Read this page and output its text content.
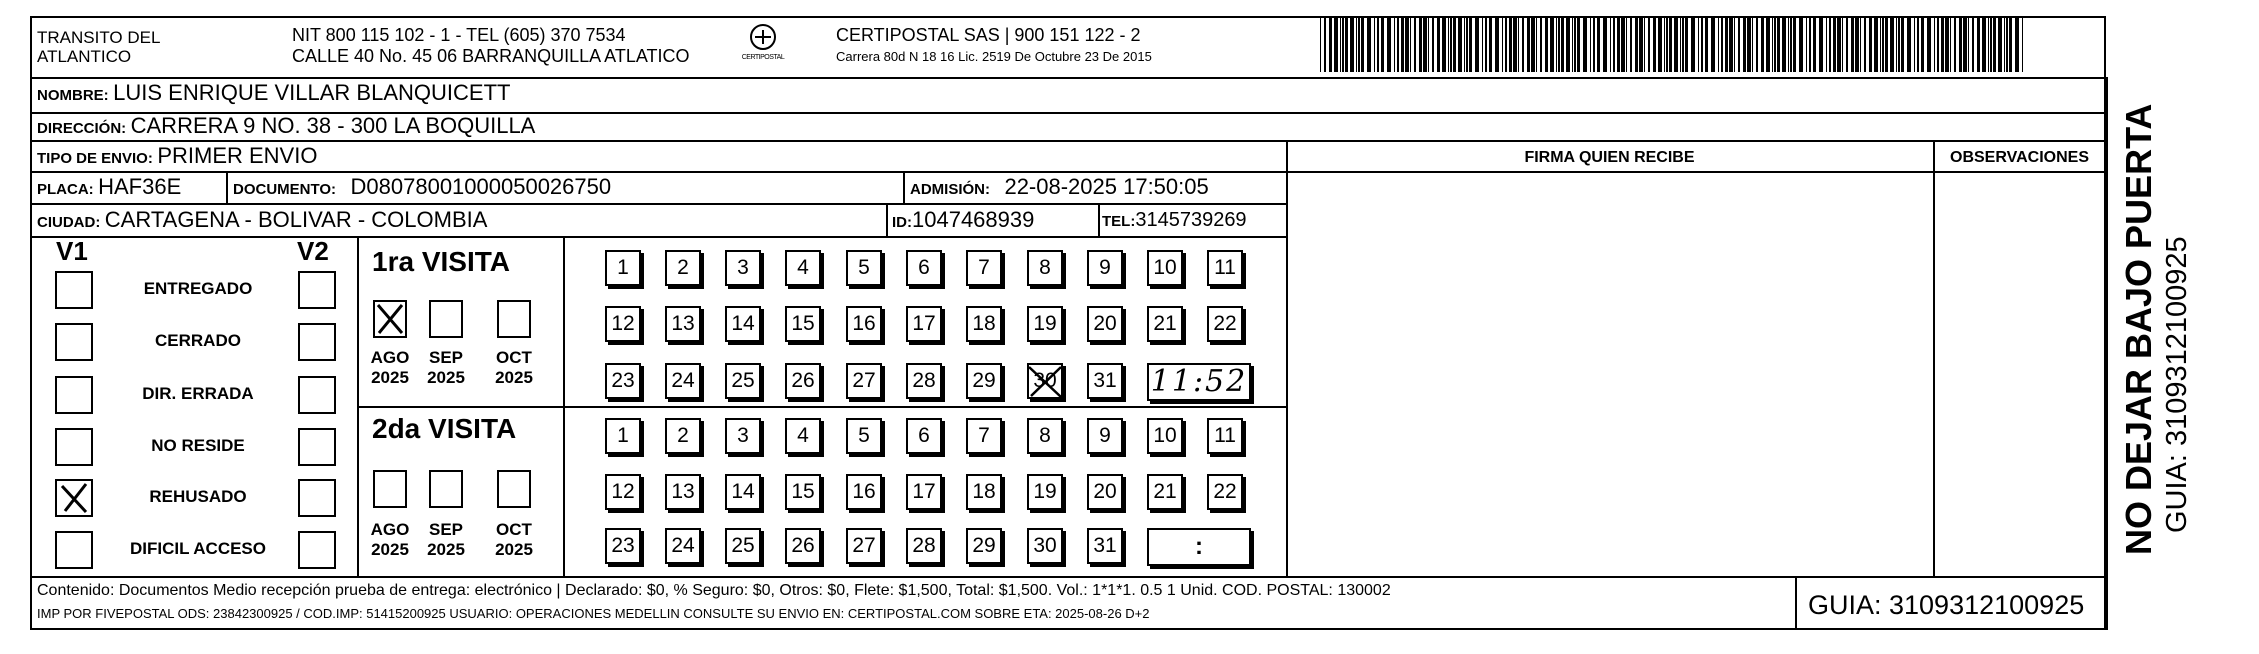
TRANSITO DEL
ATLANTICO
NIT 800 115 102 - 1 - TEL (605) 370 7534
CALLE 40 No. 45 06 BARRANQUILLA ATLATICO	CERTIPOSTAL
CERTIPOSTAL SAS | 900 151 122 - 2
Carrera 80d N 18 16 Lic. 2519 De Octubre 23 De 2015
NOMBRE: LUIS ENRIQUE VILLAR BLANQUICETT
DIRECCIÓN: CARRERA 9 NO. 38 - 300 LA BOQUILLA
TIPO DE ENVIO: PRIMER ENVIO
PLACA: HAF36E	DOCUMENTO: D08078001000050026750	ADMISIÓN: 22-08-2025 17:50:05
CIUDAD: CARTAGENA - BOLIVAR - COLOMBIA	ID:1047468939	TEL:3145739269
FIRMA QUIEN RECIBE	OBSERVACIONES
V1	V2
ENTREGADO
CERRADO
DIR. ERRADA
NO RESIDE
REHUSADO
DIFICIL ACCESO
1ra VISITA
2da VISITA
AGO
2025
SEP
2025
OCT
2025
1	2	3	4	5	6	7	8	9	10	11
12	13	14	15	16	17	18	19	20	21	22
23	24	25	26	27	28	29	30	31 11:52
AGO
2025
SEP
2025
OCT
2025
1	2	3	4	5	6	7	8	9	10	11
12	13	14	15	16	17	18	19	20	21	22
23	24	25	26	27	28	29	30	31	:
Contenido: Documentos Medio recepción prueba de entrega: electrónico | Declarado: $0, % Seguro: $0, Otros: $0, Flete: $1,500, Total: $1,500. Vol.: 1*1*1. 0.5 1 Unid. COD. POSTAL: 130002
IMP POR FIVEPOSTAL ODS: 23842300925 / COD.IMP: 51415200925 USUARIO: OPERACIONES MEDELLIN CONSULTE SU ENVIO EN: CERTIPOSTAL.COM SOBRE ETA: 2025-08-26 D+2	GUIA: 3109312100925
NO DEJAR BAJO PUERTA GUIA: 3109312100925
